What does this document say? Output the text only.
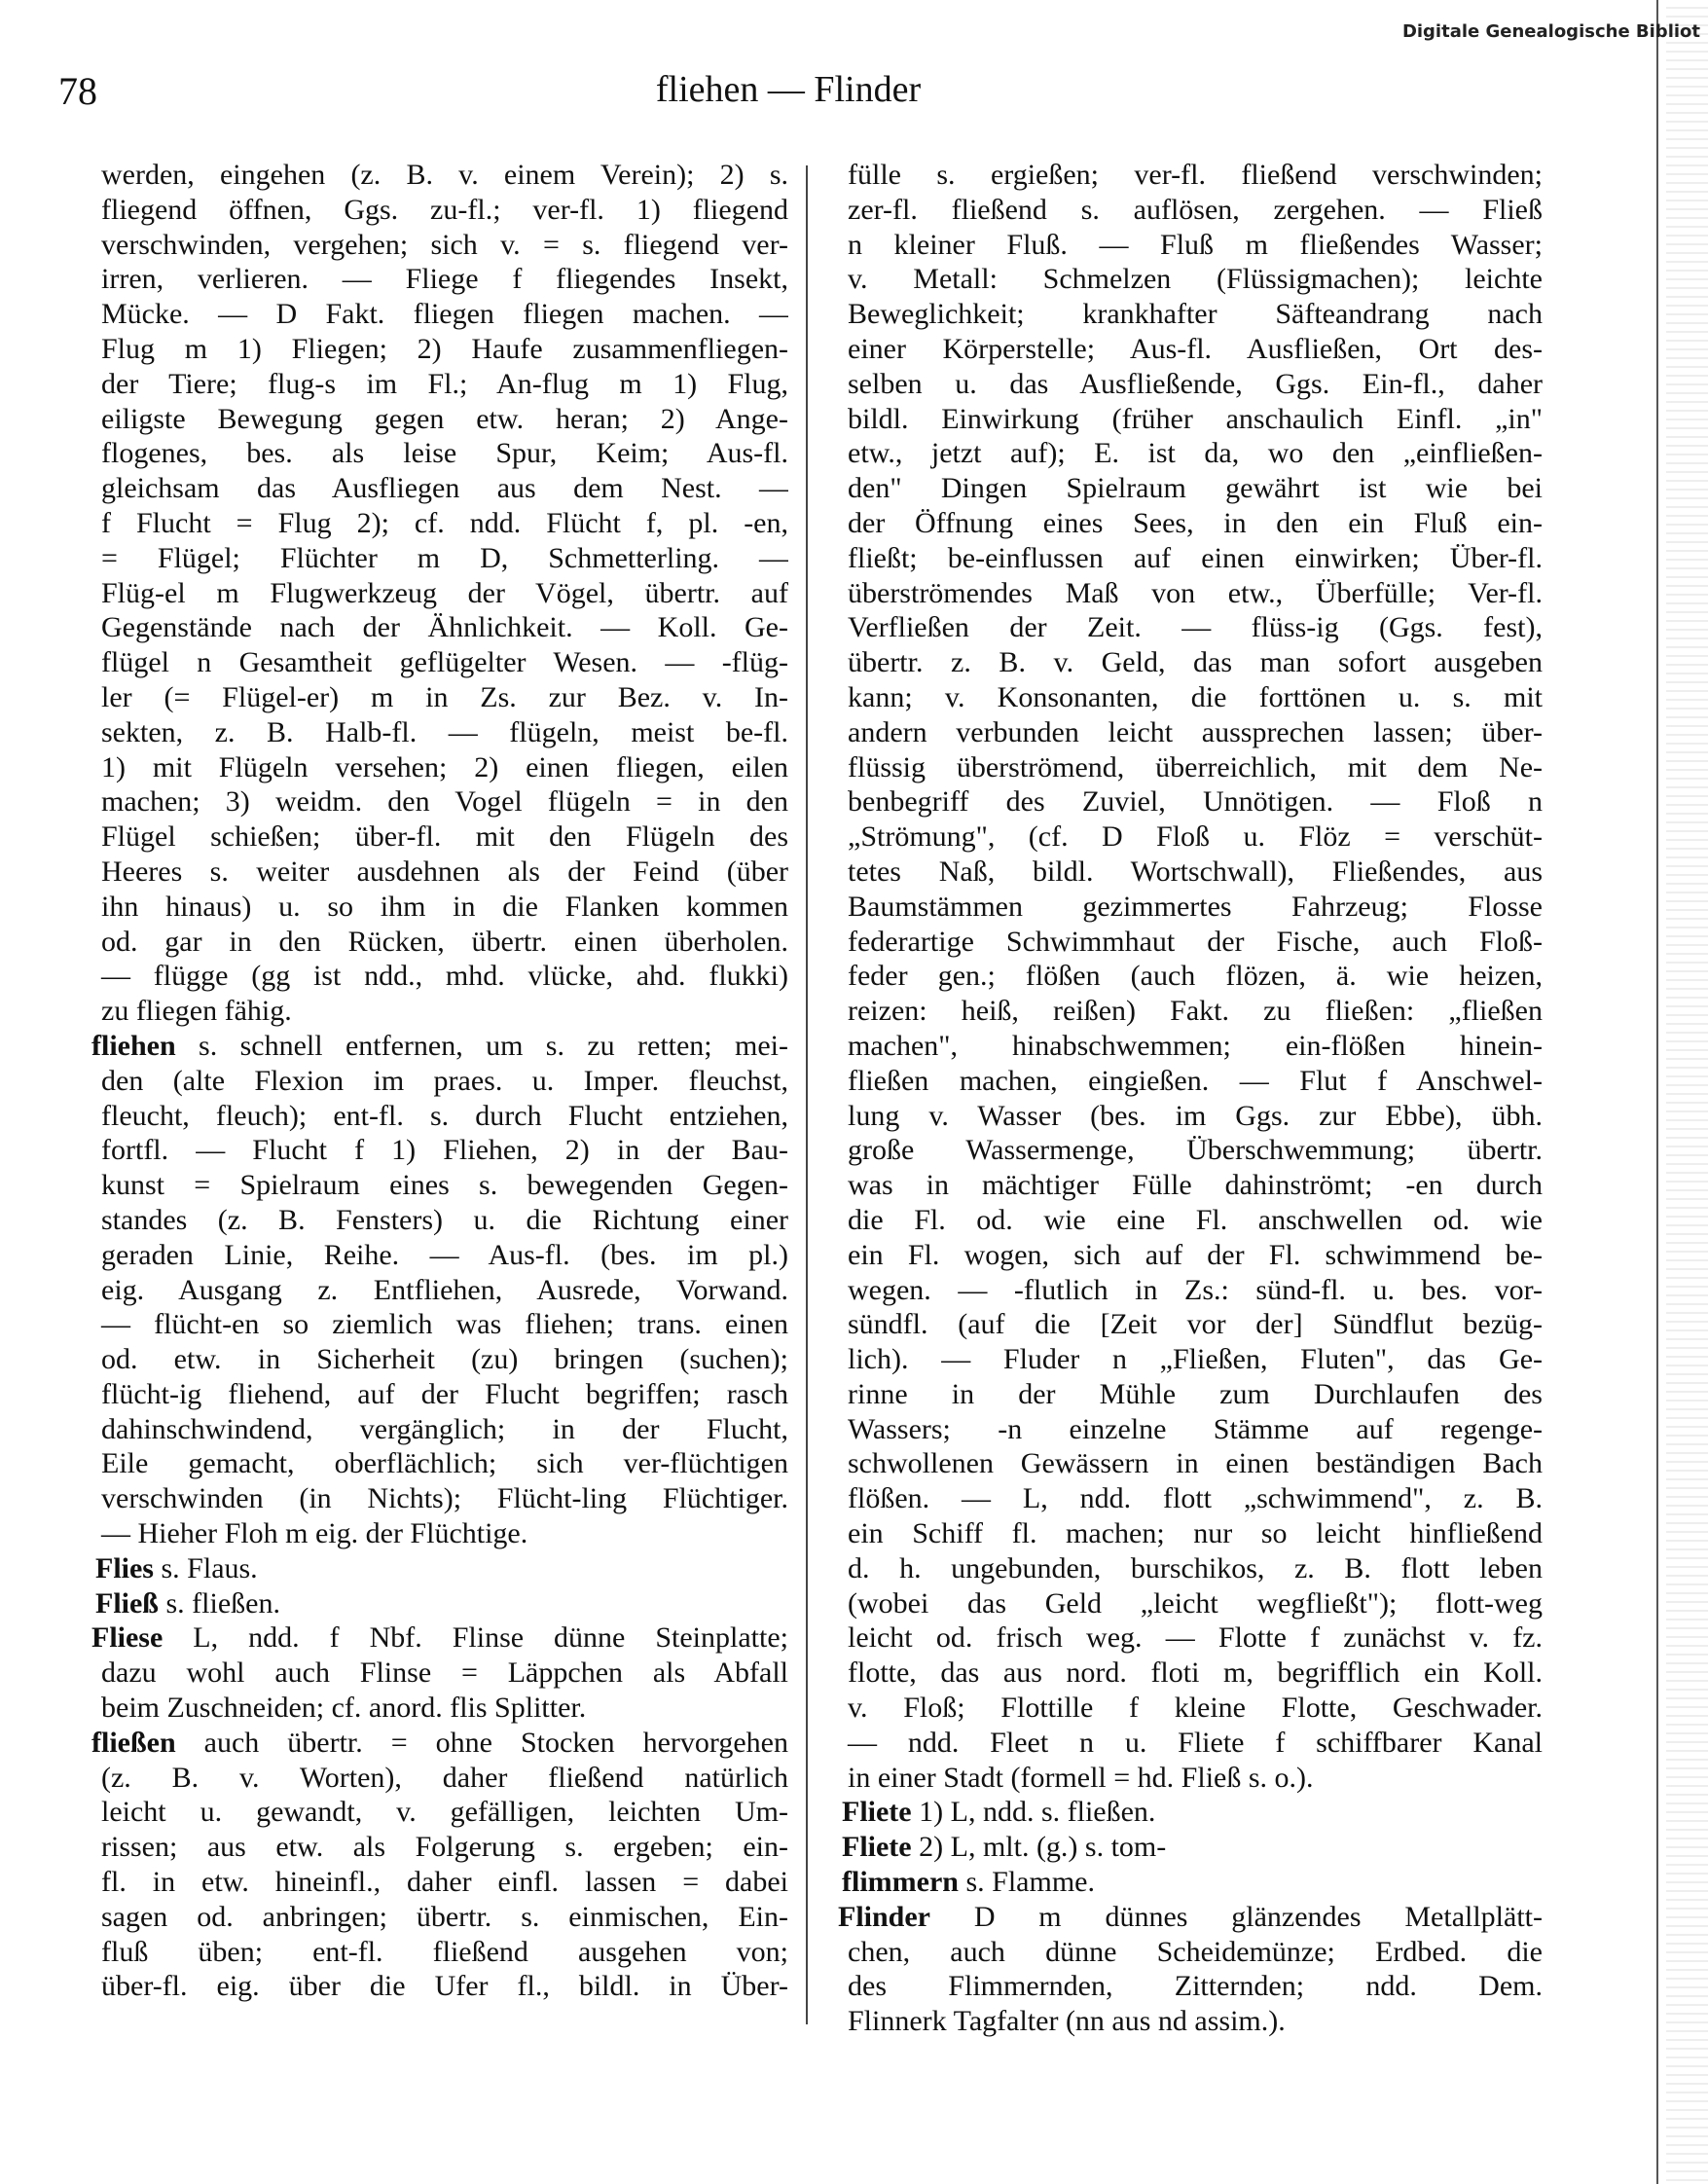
Digitale Genealogische Bibliot
78	fliehen — Flinder
werden, eingehen (z. B. v. einem Verein); 2) s.
fliegend öffnen, Ggs. zu-fl.; ver-fl. 1) fliegend
verschwinden, vergehen; sich v. = s. fliegend ver-
irren, verlieren. — Fliege f fliegendes Insekt,
Mücke. — D Fakt. fliegen fliegen machen. —
Flug m 1) Fliegen; 2) Haufe zusammenfliegen-
der Tiere; flug-s im Fl.; An-flug m 1) Flug,
eiligste Bewegung gegen etw. heran; 2) Ange-
flogenes, bes. als leise Spur, Keim; Aus-fl.
gleichsam das Ausfliegen aus dem Nest. —
f Flucht = Flug 2); cf. ndd. Flücht f, pl. -en,
= Flügel; Flüchter m D, Schmetterling. —
Flüg-el m Flugwerkzeug der Vögel, übertr. auf
Gegenstände nach der Ähnlichkeit. — Koll. Ge-
flügel n Gesamtheit geflügelter Wesen. — -flüg-
ler (= Flügel-er) m in Zs. zur Bez. v. In-
sekten, z. B. Halb-fl. — flügeln, meist be-fl.
1) mit Flügeln versehen; 2) einen fliegen, eilen
machen; 3) weidm. den Vogel flügeln = in den
Flügel schießen; über-fl. mit den Flügeln des
Heeres s. weiter ausdehnen als der Feind (über
ihn hinaus) u. so ihm in die Flanken kommen
od. gar in den Rücken, übertr. einen überholen.
— flügge (gg ist ndd., mhd. vlücke, ahd. flukki)
zu fliegen fähig.
fliehen s. schnell entfernen, um s. zu retten; mei-
den (alte Flexion im praes. u. Imper. fleuchst,
fleucht, fleuch); ent-fl. s. durch Flucht entziehen,
fortfl. — Flucht f 1) Fliehen, 2) in der Bau-
kunst = Spielraum eines s. bewegenden Gegen-
standes (z. B. Fensters) u. die Richtung einer
geraden Linie, Reihe. — Aus-fl. (bes. im pl.)
eig. Ausgang z. Entfliehen, Ausrede, Vorwand.
— flücht-en so ziemlich was fliehen; trans. einen
od. etw. in Sicherheit (zu) bringen (suchen);
flücht-ig fliehend, auf der Flucht begriffen; rasch
dahinschwindend, vergänglich; in der Flucht,
Eile gemacht, oberflächlich; sich ver-flüchtigen
verschwinden (in Nichts); Flücht-ling Flüchtiger.
— Hieher Floh m eig. der Flüchtige.
Flies s. Flaus.
Fließ s. fließen.
Fliese L, ndd. f Nbf. Flinse dünne Steinplatte;
dazu wohl auch Flinse = Läppchen als Abfall
beim Zuschneiden; cf. anord. flis Splitter.
fließen auch übertr. = ohne Stocken hervorgehen
(z. B. v. Worten), daher fließend natürlich
leicht u. gewandt, v. gefälligen, leichten Um-
rissen; aus etw. als Folgerung s. ergeben; ein-
fl. in etw. hineinfl., daher einfl. lassen = dabei
sagen od. anbringen; übertr. s. einmischen, Ein-
fluß üben; ent-fl. fließend ausgehen von;
über-fl. eig. über die Ufer fl., bildl. in Über-
fülle s. ergießen; ver-fl. fließend verschwinden;
zer-fl. fließend s. auflösen, zergehen. — Fließ
n kleiner Fluß. — Fluß m fließendes Wasser;
v. Metall: Schmelzen (Flüssigmachen); leichte
Beweglichkeit; krankhafter Säfteandrang nach
einer Körperstelle; Aus-fl. Ausfließen, Ort des-
selben u. das Ausfließende, Ggs. Ein-fl., daher
bildl. Einwirkung (früher anschaulich Einfl. „in"
etw., jetzt auf); E. ist da, wo den „einfließen-
den" Dingen Spielraum gewährt ist wie bei
der Öffnung eines Sees, in den ein Fluß ein-
fließt; be-einflussen auf einen einwirken; Über-fl.
überströmendes Maß von etw., Überfülle; Ver-fl.
Verfließen der Zeit. — flüss-ig (Ggs. fest),
übertr. z. B. v. Geld, das man sofort ausgeben
kann; v. Konsonanten, die forttönen u. s. mit
andern verbunden leicht aussprechen lassen; über-
flüssig überströmend, überreichlich, mit dem Ne-
benbegriff des Zuviel, Unnötigen. — Floß n
„Strömung", (cf. D Floß u. Flöz = verschüt-
tetes Naß, bildl. Wortschwall), Fließendes, aus
Baumstämmen gezimmertes Fahrzeug; Flosse
federartige Schwimmhaut der Fische, auch Floß-
feder gen.; flößen (auch flözen, ä. wie heizen,
reizen: heiß, reißen) Fakt. zu fließen: „fließen
machen", hinabschwemmen; ein-flößen hinein-
fließen machen, eingießen. — Flut f Anschwel-
lung v. Wasser (bes. im Ggs. zur Ebbe), übh.
große Wassermenge, Überschwemmung; übertr.
was in mächtiger Fülle dahinströmt; -en durch
die Fl. od. wie eine Fl. anschwellen od. wie
ein Fl. wogen, sich auf der Fl. schwimmend be-
wegen. — -flutlich in Zs.: sünd-fl. u. bes. vor-
sündfl. (auf die [Zeit vor der] Sündflut bezüg-
lich). — Fluder n „Fließen, Fluten", das Ge-
rinne in der Mühle zum Durchlaufen des
Wassers; -n einzelne Stämme auf regenge-
schwollenen Gewässern in einen beständigen Bach
flößen. — L, ndd. flott „schwimmend", z. B.
ein Schiff fl. machen; nur so leicht hinfließend
d. h. ungebunden, burschikos, z. B. flott leben
(wobei das Geld „leicht wegfließt"); flott-weg
leicht od. frisch weg. — Flotte f zunächst v. fz.
flotte, das aus nord. floti m, begrifflich ein Koll.
v. Floß; Flottille f kleine Flotte, Geschwader.
— ndd. Fleet n u. Fliete f schiffbarer Kanal
in einer Stadt (formell = hd. Fließ s. o.).
Fliete 1) L, ndd. s. fließen.
Fliete 2) L, mlt. (g.) s. tom-
flimmern s. Flamme.
Flinder D m dünnes glänzendes Metallplätt-
chen, auch dünne Scheidemünze; Erdbed. die
des Flimmernden, Zitternden; ndd. Dem.
Flinnerk Tagfalter (nn aus nd assim.).
